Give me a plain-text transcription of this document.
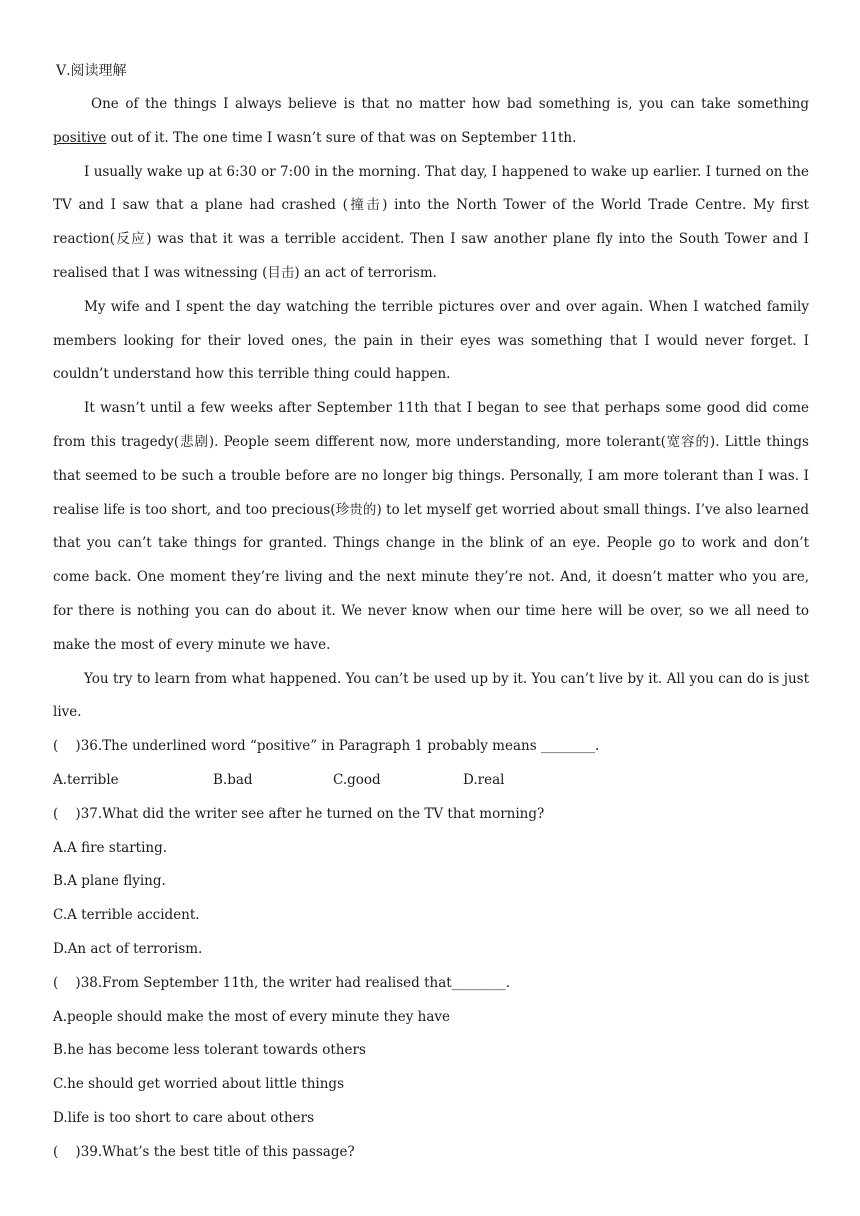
Ⅴ.阅读理解

One of the things I always believe is that no matter how bad something is, you can take something positive out of it. The one time I wasn’t sure of that was on September 11th.

I usually wake up at 6:30 or 7:00 in the morning. That day, I happened to wake up earlier. I turned on the TV and I saw that a plane had crashed (撞击) into the North Tower of the World Trade Centre. My first reaction(反应) was that it was a terrible accident. Then I saw another plane fly into the South Tower and I realised that I was witnessing (目击) an act of terrorism.

My wife and I spent the day watching the terrible pictures over and over again. When I watched family members looking for their loved ones, the pain in their eyes was something that I would never forget. I couldn’t understand how this terrible thing could happen.

It wasn’t until a few weeks after September 11th that I began to see that perhaps some good did come from this tragedy(悲剧). People seem different now, more understanding, more tolerant(宽容的). Little things that seemed to be such a trouble before are no longer big things. Personally, I am more tolerant than I was. I realise life is too short, and too precious(珍贵的) to let myself get worried about small things. I’ve also learned that you can’t take things for granted. Things change in the blink of an eye. People go to work and don’t come back. One moment they’re living and the next minute they’re not. And, it doesn’t matter who you are, for there is nothing you can do about it. We never know when our time here will be over, so we all need to make the most of every minute we have.

You try to learn from what happened. You can’t be used up by it. You can’t live by it. All you can do is just live.

(    )36.The underlined word “positive” in Paragraph 1 probably means ________.
A.terrible	B.bad	C.good	D.real
(    )37.What did the writer see after he turned on the TV that morning?
A.A fire starting.
B.A plane flying.
C.A terrible accident.
D.An act of terrorism.
(    )38.From September 11th, the writer had realised that________.
A.people should make the most of every minute they have
B.he has become less tolerant towards others
C.he should get worried about little things
D.life is too short to care about others
(    )39.What’s the best title of this passage?
